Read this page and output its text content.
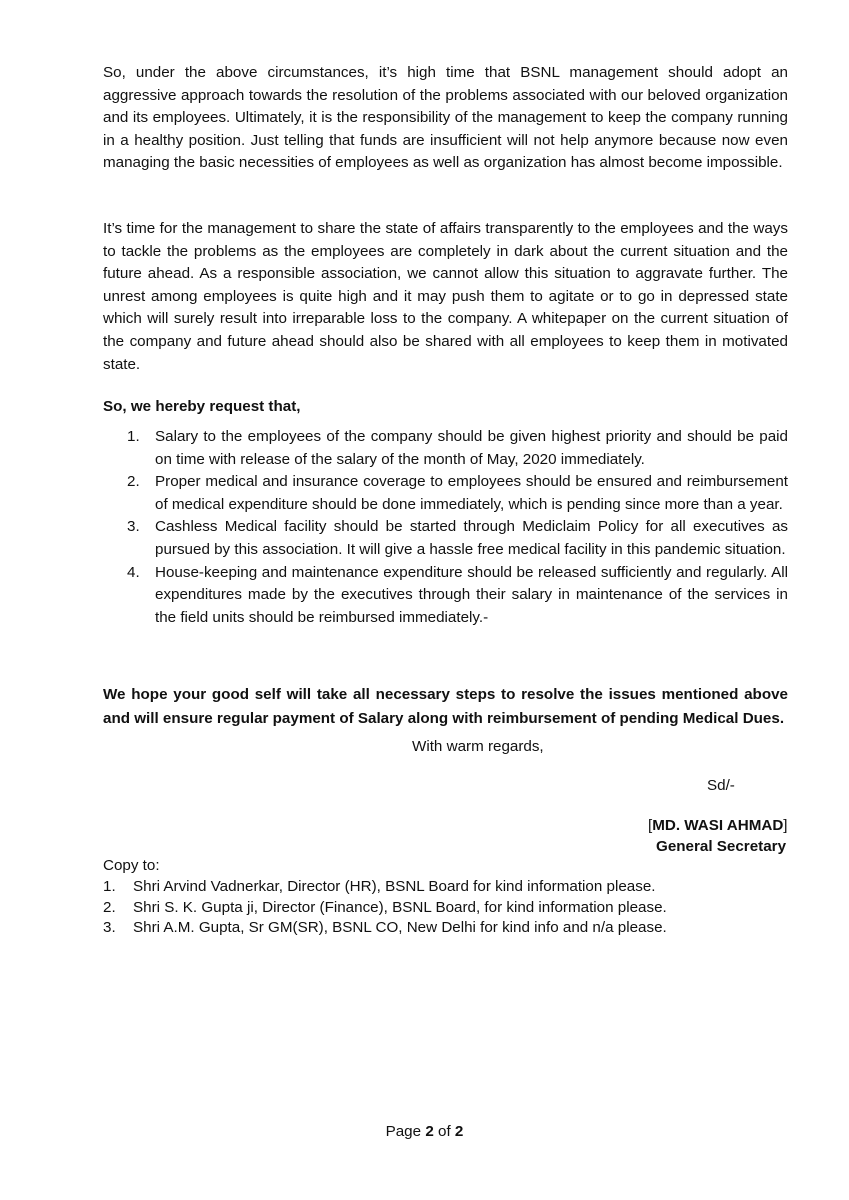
So, under the above circumstances, it’s high time that BSNL management should adopt an aggressive approach towards the resolution of the problems associated with our beloved organization and its employees. Ultimately, it is the responsibility of the management to keep the company running in a healthy position. Just telling that funds are insufficient will not help anymore because now even managing the basic necessities of employees as well as organization has almost become impossible.

It’s time for the management to share the state of affairs transparently to the employees and the ways to tackle the problems as the employees are completely in dark about the current situation and the future ahead. As a responsible association, we cannot allow this situation to aggravate further. The unrest among employees is quite high and it may push them to agitate or to go in depressed state which will surely result into irreparable loss to the company. A whitepaper on the current situation of the company and future ahead should also be shared with all employees to keep them in motivated state.

So, we hereby request that,

1. Salary to the employees of the company should be given highest priority and should be paid on time with release of the salary of the month of May, 2020 immediately.
2. Proper medical and insurance coverage to employees should be ensured and reimbursement of medical expenditure should be done immediately, which is pending since more than a year.
3. Cashless Medical facility should be started through Mediclaim Policy for all executives as pursued by this association. It will give a hassle free medical facility in this pandemic situation.
4. House-keeping and maintenance expenditure should be released sufficiently and regularly. All expenditures made by the executives through their salary in maintenance of the services in the field units should be reimbursed immediately.-

We hope your good self will take all necessary steps to resolve the issues mentioned above and will ensure regular payment of Salary along with reimbursement of pending Medical Dues.

With warm regards,

Sd/-

[MD. WASI AHMAD]

General Secretary

Copy to:

1. Shri Arvind Vadnerkar, Director (HR), BSNL Board for kind information please.
2. Shri S. K. Gupta ji, Director (Finance), BSNL Board, for kind information please.
3. Shri A.M. Gupta, Sr GM(SR), BSNL CO, New Delhi for kind info and n/a please.

Page 2 of 2
